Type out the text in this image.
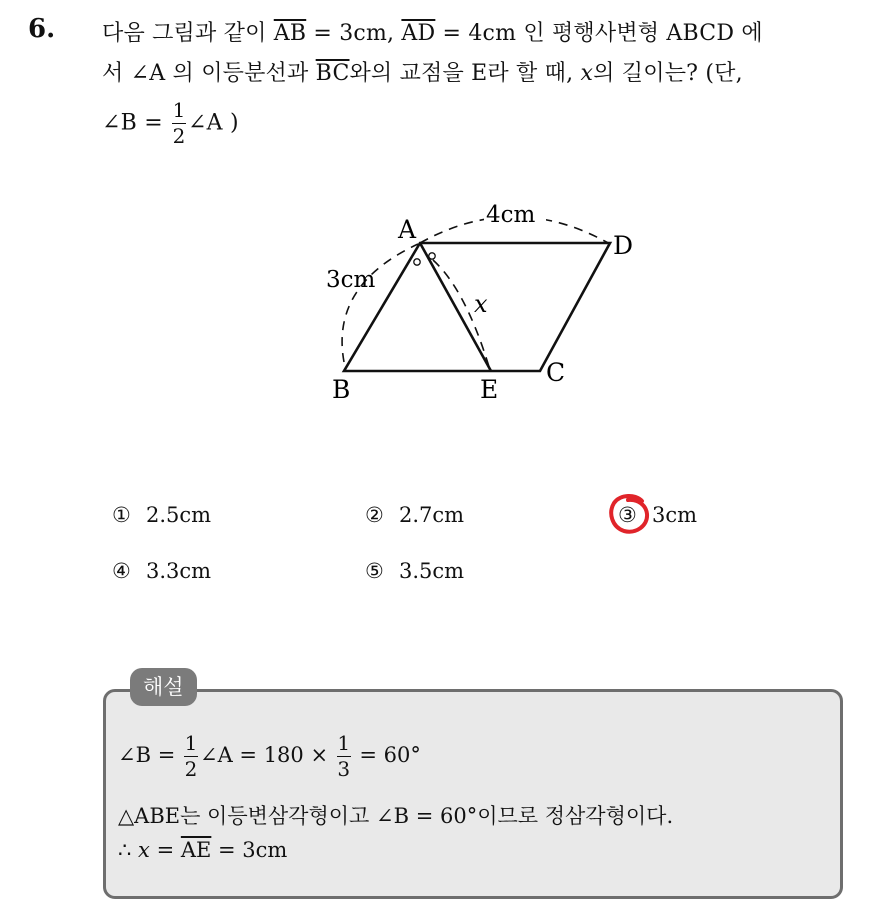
6. 다음 그림과 같이 $\overline{AB} = 3cm$, $\overline{AD} = 4cm$ 인 평행사변형 ABCD 에
서 ∠A 의 이등분선과 $\overline{BC}$와의 교점을 E라 할 때, x의 길이는? (단,
∠B = $\frac{1}{2}$ ∠A )
A
D
B	E
C
x
3cm
4cm
① 2.5cm	② 2.7cm	③ 3cm
④ 3.3cm	⑤ 3.5cm
해설
∠B = $\frac{1}{2}$ ∠A = $180 \times \frac{1}{3} = 60^\circ$
△ABE는 이등변삼각형이고 ∠B = 60°이므로 정삼각형이다.
∴ $x = \overline{AE} = 3cm$
